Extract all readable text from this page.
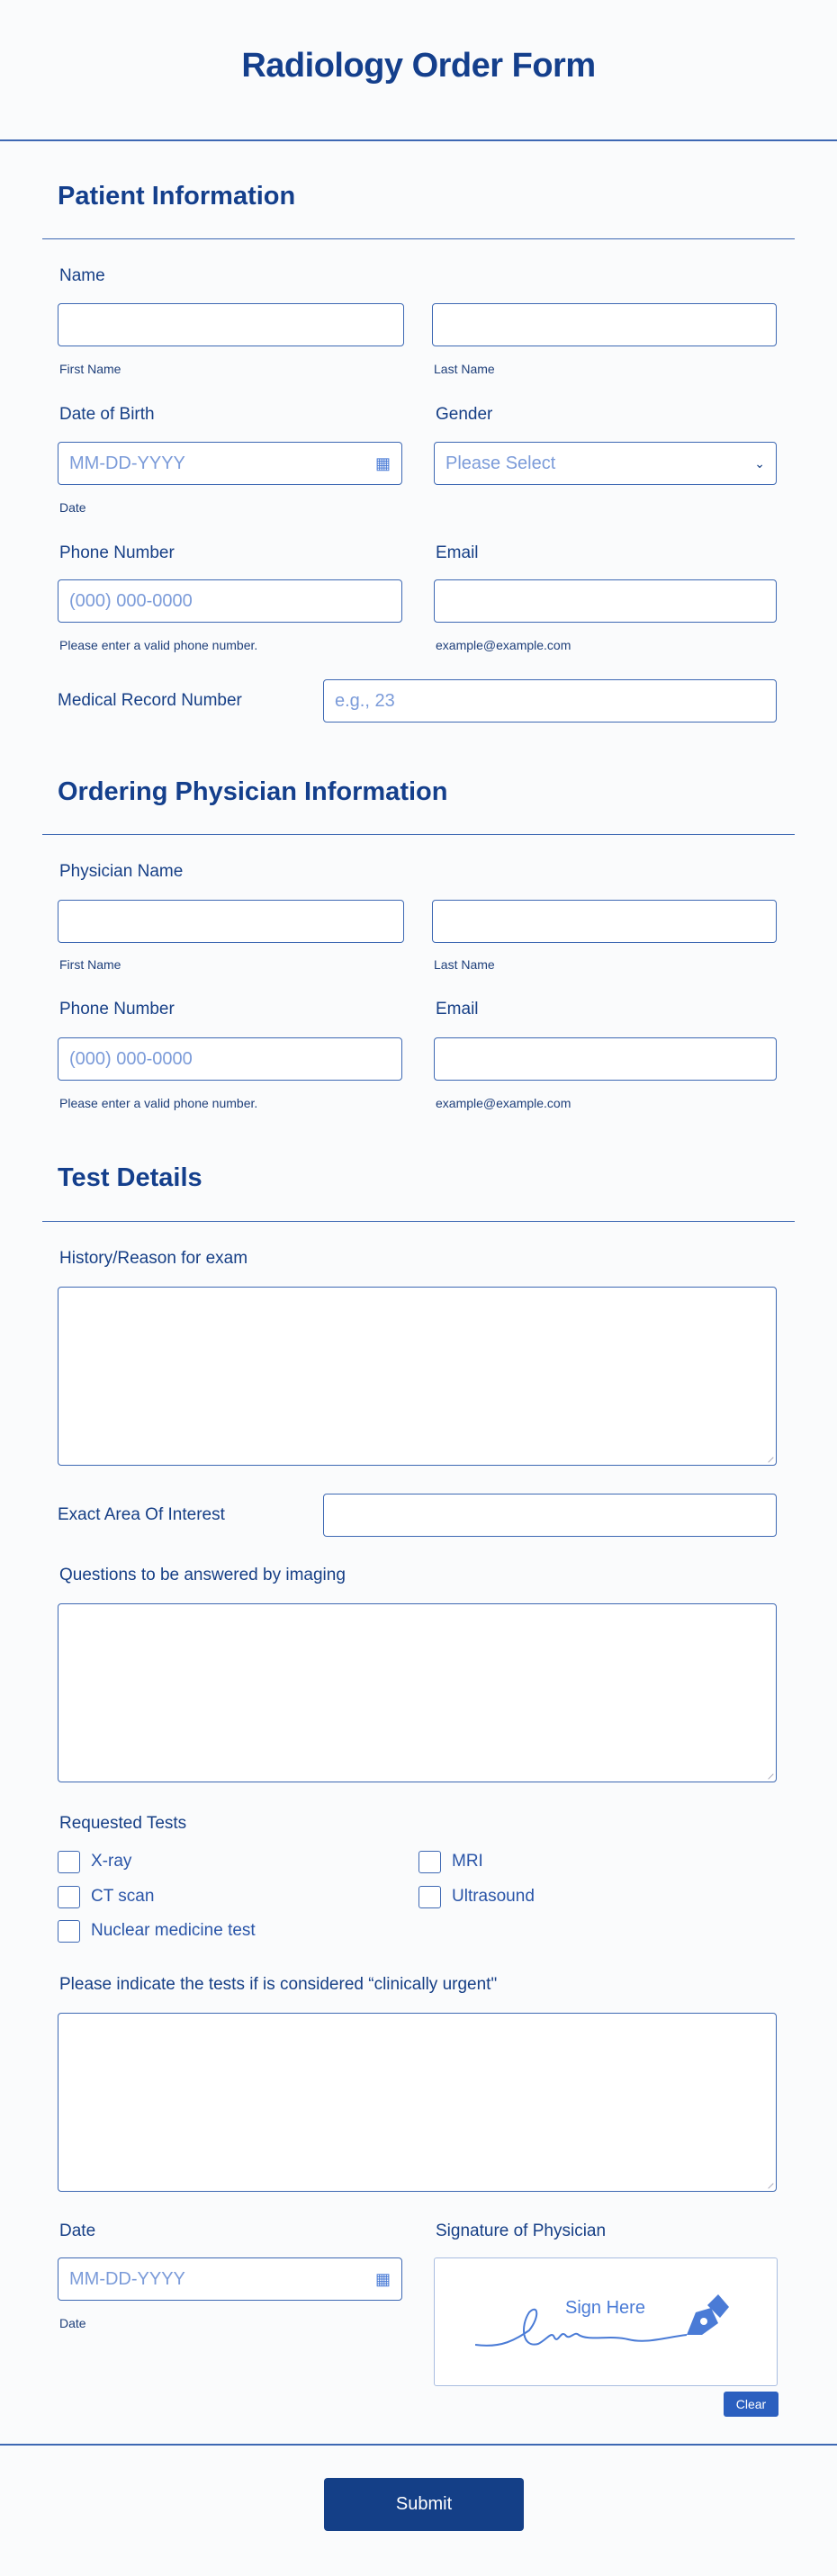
Radiology Order Form
Patient Information
Name
First Name	Last Name
Date of Birth	Gender
MM-DD-YYYY	▦	Please Select	⌄
Date
Phone Number	Email
(000) 000-0000
Please enter a valid phone number.	example@example.com
Medical Record Number	e.g., 23
Ordering Physician Information
Physician Name
First Name	Last Name
Phone Number	Email
(000) 000-0000
Please enter a valid phone number.	example@example.com
Test Details
History/Reason for exam
Exact Area Of Interest
Questions to be answered by imaging
Requested Tests
X-ray	MRI
CT scan	Ultrasound
Nuclear medicine test
Please indicate the tests if is considered “clinically urgent"
Date	Signature of Physician
MM-DD-YYYY	▦
Date
Sign Here
Clear
Submit
